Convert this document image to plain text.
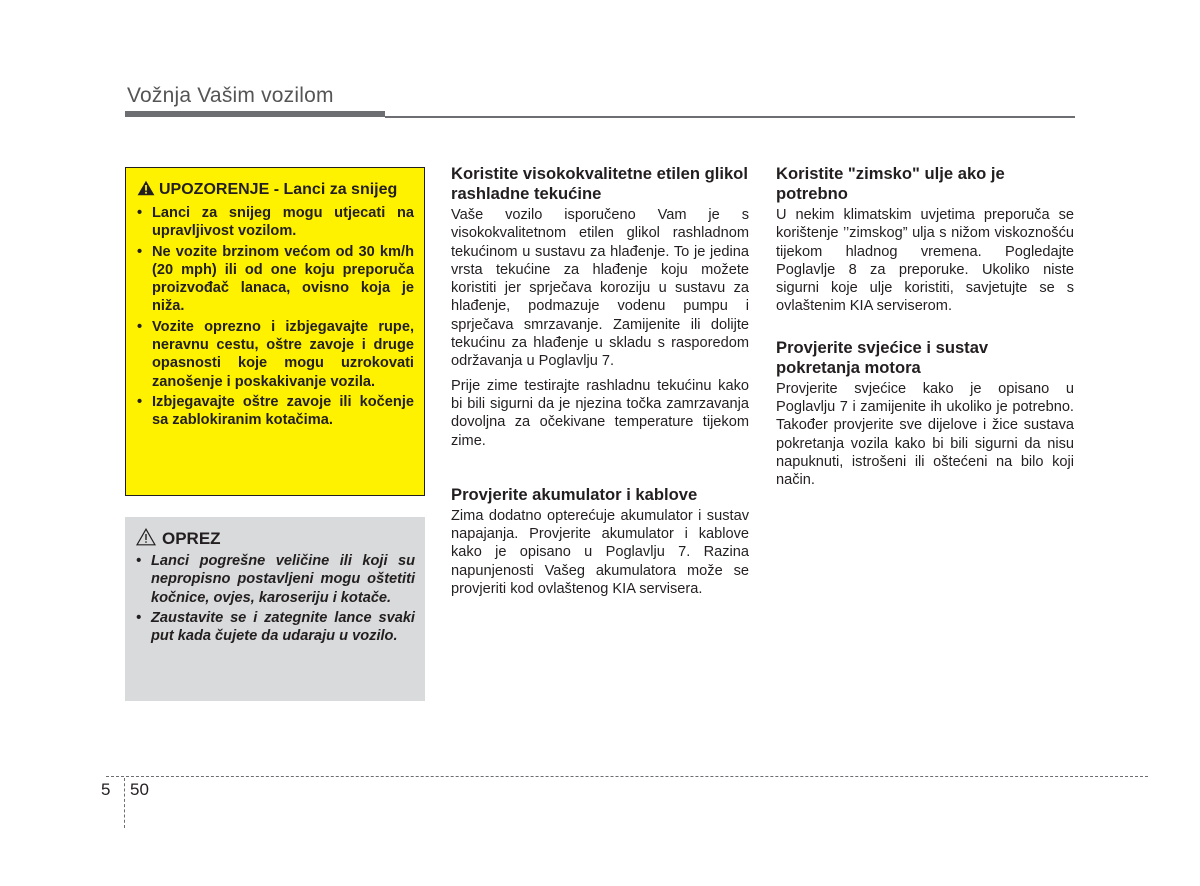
Vožnja Vašim vozilom

UPOZORENJE - Lanci za snijeg

• Lanci za snijeg mogu utjecati na upravljivost vozilom.
• Ne vozite brzinom većom od 30 km/h (20 mph) ili od one koju preporuča proizvođač lanaca, ovisno koja je niža.
• Vozite oprezno i izbjegavajte rupe, neravnu cestu, oštre zavoje i druge opasnosti koje mogu uzrokovati zanošenje i poskakivanje vozila.
• Izbjegavajte oštre zavoje ili kočenje sa zablokiranim kotačima.

OPREZ

• Lanci pogrešne veličine ili koji su nepropisno postavljeni mogu oštetiti kočnice, ovjes, karoseriju i kotače.
• Zaustavite se i zategnite lance svaki put kada čujete da udaraju u vozilo.
Koristite visokokvalitetne etilen glikol rashladne tekućine

Vaše vozilo isporučeno Vam je s visokokvalitetnom etilen glikol rashladnom tekućinom u sustavu za hlađenje. To je jedina vrsta tekućine za hlađenje koju možete koristiti jer sprječava koroziju u sustavu za hlađenje, podmazuje vodenu pumpu i sprječava smrzavanje. Zamijenite ili dolijte tekućinu za hlađenje u skladu s rasporedom održavanja u Poglavlju 7.

Prije zime testirajte rashladnu tekućinu kako bi bili sigurni da je njezina točka zamrzavanja dovoljna za očekivane temperature tijekom zime.

Provjerite akumulator i kablove

Zima dodatno opterećuje akumulator i sustav napajanja. Provjerite akumulator i kablove kako je opisano u Poglavlju 7. Razina napunjenosti Vašeg akumulatora može se provjeriti kod ovlaštenog KIA servisera.

Koristite "zimsko" ulje ako je potrebno

U nekim klimatskim uvjetima preporuča se korištenje ’’zimskog” ulja s nižom viskoznošću tijekom hladnog vremena. Pogledajte Poglavlje 8 za preporuke. Ukoliko niste sigurni koje ulje koristiti, savjetujte se s ovlaštenim KIA serviserom.

Provjerite svjećice i sustav pokretanja motora

Provjerite svjećice kako je opisano u Poglavlju 7 i zamijenite ih ukoliko je potrebno. Također provjerite sve dijelove i žice sustava pokretanja vozila kako bi bili sigurni da nisu napuknuti, istrošeni ili oštećeni na bilo koji način.

5 50
